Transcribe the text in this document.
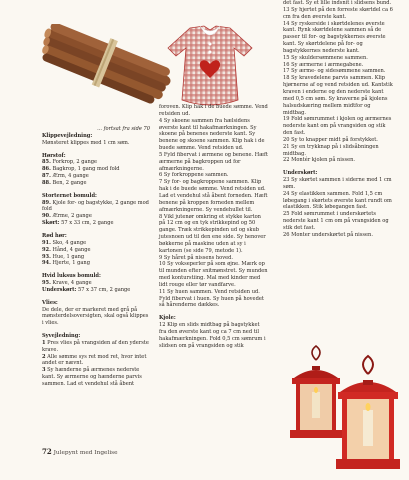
... fortsat fra side 70

Klippevejledning:

Mønsteret klippes med 1 cm søm.

Hørstof:

85. Forkrop, 2 gange

86. Bagkrop, 1 gang mod fold

87. Ærm, 4 gange

88. Ben, 2 gange

Storternet bomuld:

89. Kjole for- og bagstykke, 2 gange mod fold

90. Ærme, 2 gange

Skørt: 57 x 33 cm, 2 gange

Rød hør:

91. Sko, 4 gange

92. Hånd, 4 gange

93. Hue, 1 gang

94. Hjerte, 1 gang

Hvid luksus bomuld:

95. Krave, 4 gange

Underskørt: 57 x 37 cm, 2 gange

Vlies:

De dele, der er markeret med grå på mønsterdelsoversigten, skal også klippes i vlies.

Syvejledning:

1 Pres vlies på vrangsiden af den yderste krave.

2 Alle sømme sys ret mod ret, hvor intet andet er nævnt.

3 Sy hænderne på ærmenes nederste kant. Sy ærmerne og hænderne parvis sammen. Lad et vendehul stå åbent

foroven. Klip hak i de buede sømme. Vend retsiden ud.

4 Sy skoene sammen fra hælsidens øverste kant til hakafmærkningen. Sy skoene på benenes nederste kant. Sy benene og skoene sammen. Klip hak i de buede sømme. Vend retsiden ud.

5 Fyld fibervat i ærmene og benene. Hæft ærmerne på bagkroppen ud for afmærkningerne.

6 Sy forkroppene sammen.

7 Sy for- og bagkroppene sammen. Klip hak i de buede sømme. Vend retsiden ud. Lad et vendehul stå åbent forneden. Hæft benene på kroppen forneden mellem afmærkningerne. Sy vendehullet til.

8 Vikl jutenør omkring et stykke karton på 12 cm og en tyk strikkepind og 50 gange. Træk strikkepinden ud og skub jutesnoen ud til den ene side. Sy henover bøkkerne på maskine uden at sy i kartonen (se side 79, metode 1).

9 Sy håret på nissens hoved.

10 Sy vokseperler på som øjne. Mærk op til munden efter snitmønstret. Sy munden med konturstiing. Mal med kinder med lidt rouge eller tør vandfarve.

11 Sy huen sammen. Vend retsiden ud. Fyld fibervat i huen. Sy huen på hovedet så hårenderne dækkes.

Kjole:

12 Klip en slids midtbag på bagstykket fra den øverste kant og ca 7 cm ned til hakafmærkningen. Fold 0,5 cm sømrum i slidsen om på vrangsiden og stik

det fast. Sy et lille indsnit i slidsens bund.

13 Sy hjertet på den forreste skørtdel ca 6 cm fra den øverste kant.

14 Sy ryskerside i skørtdelenes øverste kant. Rynk skørtdelene sammen så de passer til for- og bagstykkernes øverste kant. Sy skørtdelene på for- og bagstykkernes nederste kant.

15 Sy skuldersømmene sammen.

16 Sy ærmerne i ærmegabene.

17 Sy ærme- og sidesømmene sammen.

18 Sy kravedelene parvis sammen. Klip hjørnerne af og vend retsiden ud. Kantstik kraven i enderne og den nederste kant med 0,5 cm søm. Sy kraverne på kjolens halsudskæring mellem midtfor og midtbag.

19 Fold sømrummet i kjolen og ærmernes nederste kant om på vrangsiden og stik den fast.

20 Sy to knapper midt på forstykket.

21 Sy en trykknap på i slidsåbningen midtbag.

22 Montér kjolen på nissen.

Underskørt:

23 Sy skørtet sammen i siderne med 1 cm søm.

24 Sy elastikken sammen. Fold 1,5 cm løbegang i skørtets øverste kant rundt om elastikken. Stik løbegangen fast.

25 Fold sømrummet i underskørtets nederste kant 1 cm om på vrangsiden og stik det fast.

26 Monter underskørtet på nissen.

72 Julepynt med Ingelise
